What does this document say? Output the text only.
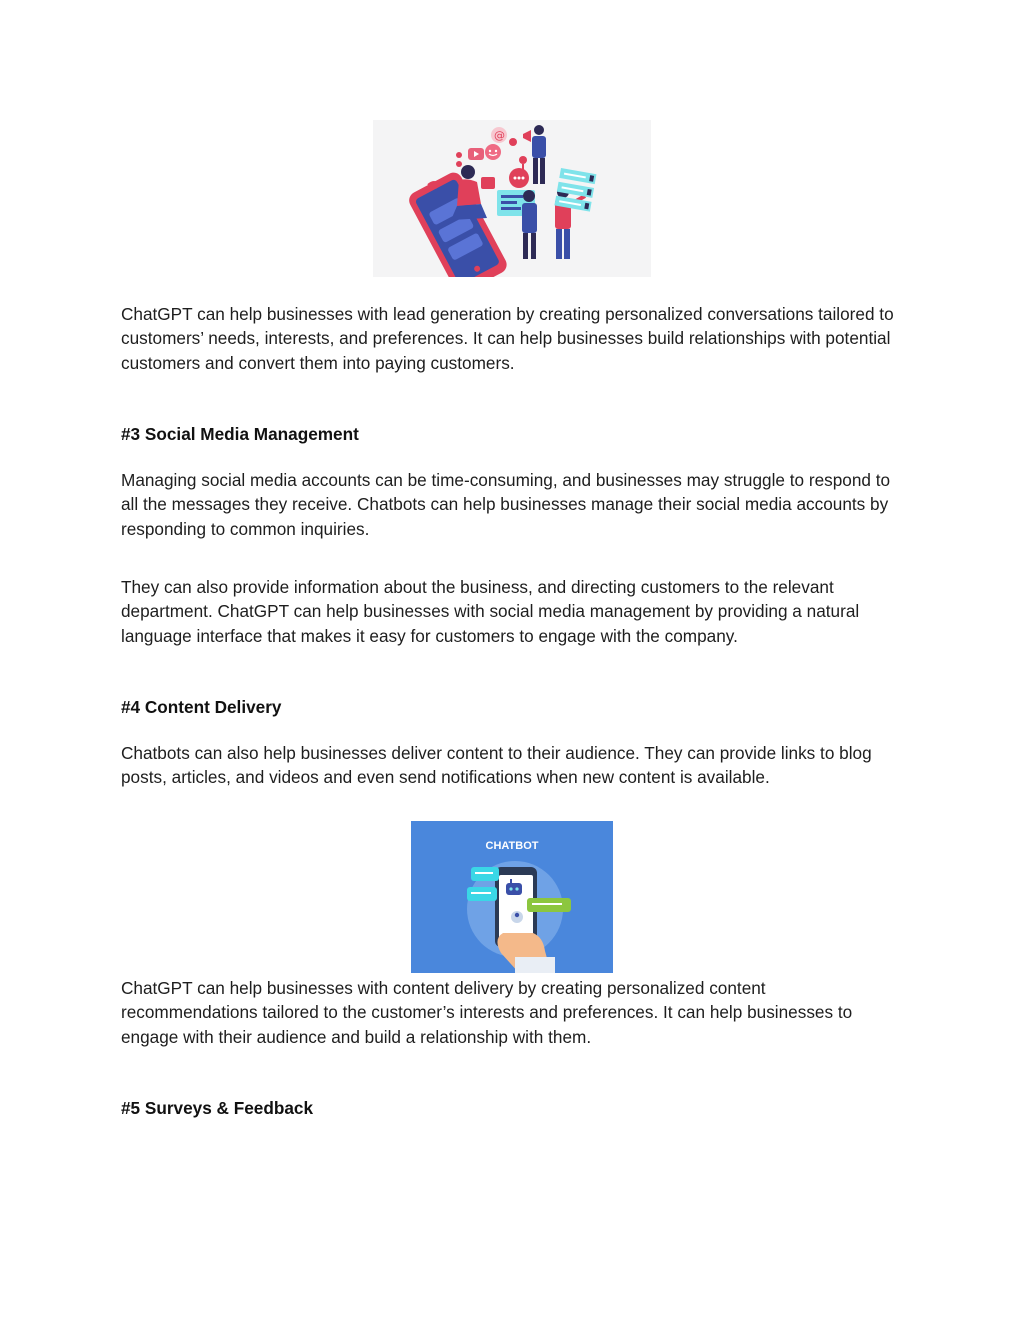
@

ChatGPT can help businesses with lead generation by creating personalized conversations tailored to customers’ needs, interests, and preferences. It can help businesses build relationships with potential customers and convert them into paying customers.

#3 Social Media Management

Managing social media accounts can be time-consuming, and businesses may struggle to respond to all the messages they receive. Chatbots can help businesses manage their social media accounts by responding to common inquiries.

They can also provide information about the business, and directing customers to the relevant department. ChatGPT can help businesses with social media management by providing a natural language interface that makes it easy for customers to engage with the company.

#4 Content Delivery

Chatbots can also help businesses deliver content to their audience. They can provide links to blog posts, articles, and videos and even send notifications when new content is available.

CHATBOT

ChatGPT can help businesses with content delivery by creating personalized content recommendations tailored to the customer’s interests and preferences. It can help businesses to engage with their audience and build a relationship with them.

#5 Surveys & Feedback
